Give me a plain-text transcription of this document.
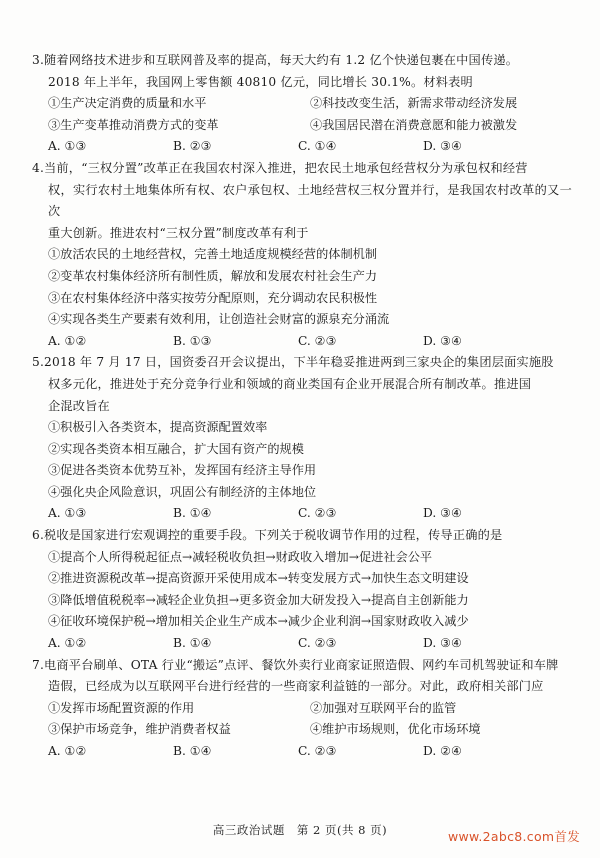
3.随着网络技术进步和互联网普及率的提高，每天大约有 1.2 亿个快递包裹在中国传递。
2018 年上半年，我国网上零售额 40810 亿元，同比增长 30.1%。材料表明
①生产决定消费的质量和水平	②科技改变生活，新需求带动经济发展
③生产变革推动消费方式的变革	④我国居民潜在消费意愿和能力被激发
A. ①③	B. ②③	C. ①④	D. ③④
4.当前，“三权分置”改革正在我国农村深入推进，把农民土地承包经营权分为承包权和经营
权，实行农村土地集体所有权、农户承包权、土地经营权三权分置并行，是我国农村改革的又一次
重大创新。推进农村“三权分置”制度改革有利于
①放活农民的土地经营权，完善土地适度规模经营的体制机制
②变革农村集体经济所有制性质，解放和发展农村社会生产力
③在农村集体经济中落实按劳分配原则，充分调动农民积极性
④实现各类生产要素有效利用，让创造社会财富的源泉充分涌流
A. ①②	B. ①③	C. ②③	D. ③④
5.2018 年 7 月 17 日，国资委召开会议提出，下半年稳妥推进两到三家央企的集团层面实施股
权多元化，推进处于充分竞争行业和领域的商业类国有企业开展混合所有制改革。推进国
企混改旨在
①积极引入各类资本，提高资源配置效率
②实现各类资本相互融合，扩大国有资产的规模
③促进各类资本优势互补，发挥国有经济主导作用
④强化央企风险意识，巩固公有制经济的主体地位
A. ①③	B. ①④	C. ②③	D. ③④
6.税收是国家进行宏观调控的重要手段。下列关于税收调节作用的过程，传导正确的是
①提高个人所得税起征点→减轻税收负担→财政收入增加→促进社会公平
②推进资源税改革→提高资源开采使用成本→转变发展方式→加快生态文明建设
③降低增值税税率→减轻企业负担→更多资金加大研发投入→提高自主创新能力
④征收环境保护税→增加相关企业生产成本→减少企业利润→国家财政收入减少
A. ①②	B. ①④	C. ②③	D. ③④
7.电商平台刷单、OTA 行业“搬运”点评、餐饮外卖行业商家证照造假、网约车司机驾驶证和车牌
造假，已经成为以互联网平台进行经营的一些商家利益链的一部分。对此，政府相关部门应
①发挥市场配置资源的作用	②加强对互联网平台的监管
③保护市场竞争，维护消费者权益	④维护市场规则，优化市场环境
A. ①②	B. ①④	C. ②③	D. ②④
高三政治试题　第 2 页(共 8 页)	www.2abc8.com首发
